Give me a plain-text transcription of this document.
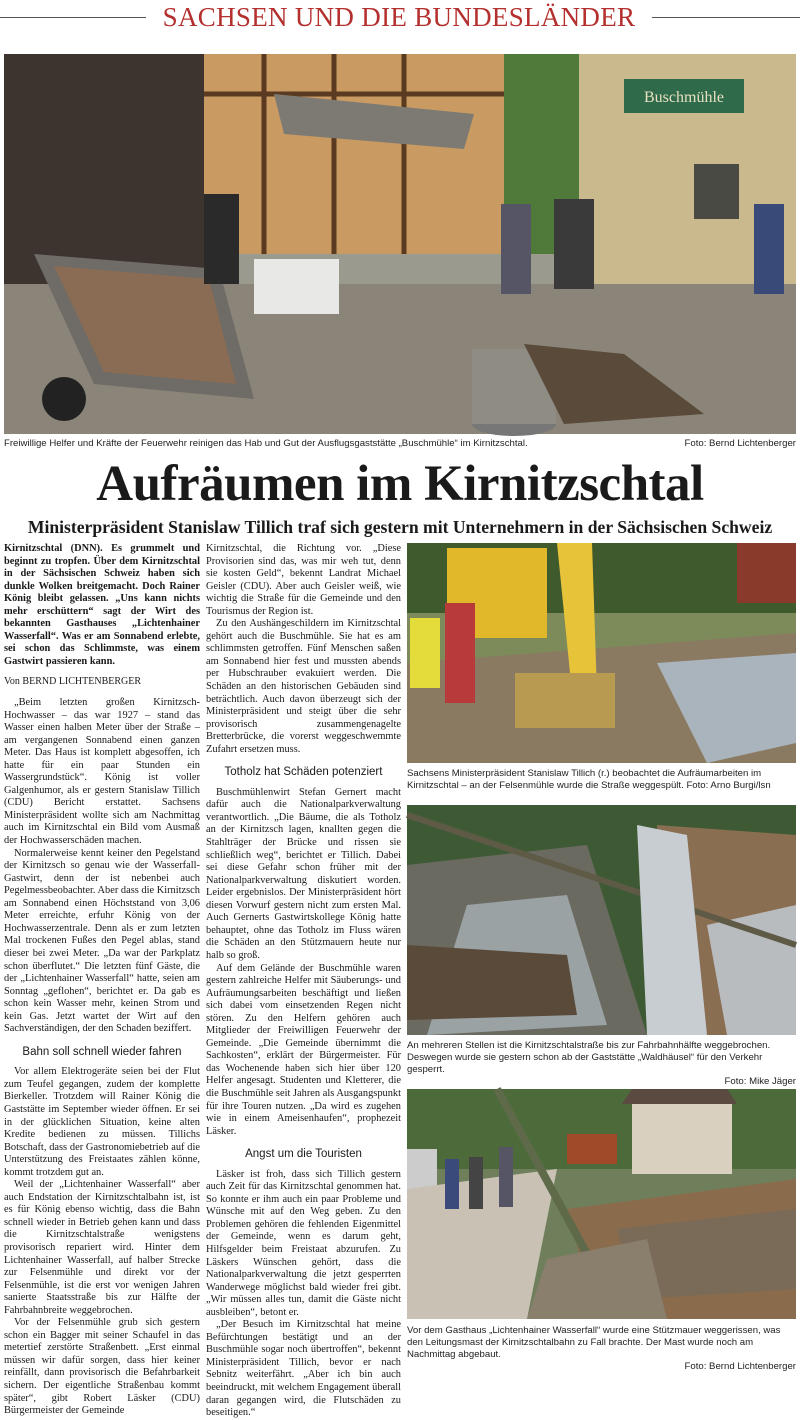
SACHSEN UND DIE BUNDESLÄNDER
Buschmühle
Freiwillige Helfer und Kräfte der Feuerwehr reinigen das Hab und Gut der Ausflugsgaststätte „Buschmühle“ im Kirnitzschtal.	Foto: Bernd Lichtenberger
Aufräumen im Kirnitzschtal
Ministerpräsident Stanislaw Tillich traf sich gestern mit Unternehmern in der Sächsischen Schweiz

Kirnitzschtal (DNN). Es grummelt und beginnt zu tropfen. Über dem Kirnitzschtal in der Sächsischen Schweiz haben sich dunkle Wolken breitgemacht. Doch Rainer König bleibt gelassen. „Uns kann nichts mehr erschüttern“ sagt der Wirt des bekannten Gasthauses „Lichtenhainer Wasserfall“. Was er am Sonnabend erlebte, sei schon das Schlimmste, was einem Gastwirt passieren kann.

Von BERND LICHTENBERGER

„Beim letzten großen Kirnitzsch-Hochwasser – das war 1927 – stand das Wasser einen halben Meter über der Straße – am vergangenen Sonnabend einen ganzen Meter. Das Haus ist komplett abgesoffen, ich hatte für ein paar Stunden ein Wassergrundstück“. König ist voller Galgenhumor, als er gestern Stanislaw Tillich (CDU) Bericht erstattet. Sachsens Ministerpräsident wollte sich am Nachmittag auch im Kirnitzschtal ein Bild vom Ausmaß der Hochwasserschäden machen.

Normalerweise kennt keiner den Pegelstand der Kirnitzsch so genau wie der Wasserfall-Gastwirt, denn der ist nebenbei auch Pegelmessbeobachter. Aber dass die Kirnitzsch am Sonnabend einen Höchststand von 3,06 Meter erreichte, erfuhr König von der Hochwasserzentrale. Denn als er zum letzten Mal trockenen Fußes den Pegel ablas, stand dieser bei zwei Meter. „Da war der Parkplatz schon überflutet.“ Die letzten fünf Gäste, die der „Lichtenhainer Wasserfall“ hatte, seien am Sonntag „geflohen“, berichtet er. Da gab es schon kein Wasser mehr, keinen Strom und kein Gas. Jetzt wartet der Wirt auf den Sachverständigen, der den Schaden beziffert.

Bahn soll schnell wieder fahren

Vor allem Elektrogeräte seien bei der Flut zum Teufel gegangen, zudem der komplette Bierkeller. Trotzdem will Rainer König die Gaststätte im September wieder öffnen. Er sei in der glücklichen Situation, keine alten Kredite bedienen zu müssen. Tillichs Botschaft, dass der Gastronomiebetrieb auf die Unterstützung des Freistaates zählen könne, kommt trotzdem gut an.

Weil der „Lichtenhainer Wasserfall“ aber auch Endstation der Kirnitzschtalbahn ist, ist es für König ebenso wichtig, dass die Bahn schnell wieder in Betrieb gehen kann und dass die Kirnitzschtalstraße wenigstens provisorisch repariert wird. Hinter dem Lichtenhainer Wasserfall, auf halber Strecke zur Felsenmühle und direkt vor der Felsenmühle, ist die erst vor wenigen Jahren sanierte Staatsstraße bis zur Hälfte der Fahrbahnbreite weggebrochen.

Vor der Felsenmühle grub sich gestern schon ein Bagger mit seiner Schaufel in das metertief zerstörte Straßenbett. „Erst einmal müssen wir dafür sorgen, dass hier keiner reinfällt, dann provisorisch die Befahrbarkeit sichern. Der eigentliche Straßenbau kommt später“, gibt Robert Läsker (CDU) Bürgermeister der Gemeinde

Kirnitzschtal, die Richtung vor. „Diese Provisorien sind das, was mir weh tut, denn sie kosten Geld“, bekennt Landrat Michael Geisler (CDU). Aber auch Geisler weiß, wie wichtig die Straße für die Gemeinde und den Tourismus der Region ist.

Zu den Aushängeschildern im Kirnitzschtal gehört auch die Buschmühle. Sie hat es am schlimmsten getroffen. Fünf Menschen saßen am Sonnabend hier fest und mussten abends per Hubschrauber evakuiert werden. Die Schäden an den historischen Gebäuden sind beträchtlich. Auch davon überzeugt sich der Ministerpräsident und steigt über die sehr provisorisch zusammengenagelte Bretterbrücke, die vorerst weggeschwemmte Zufahrt ersetzen muss.

Totholz hat Schäden potenziert

Buschmühlenwirt Stefan Gernert macht dafür auch die Nationalparkverwaltung verantwortlich. „Die Bäume, die als Totholz an der Kirnitzsch lagen, knallten gegen die Stahlträger der Brücke und rissen sie schließlich weg“, berichtet er Tillich. Dabei sei diese Gefahr schon früher mit der Nationalparkverwaltung diskutiert worden. Leider ergebnislos. Der Ministerpräsident hört diesen Vorwurf gestern nicht zum ersten Mal. Auch Gernerts Gastwirtskollege König hatte behauptet, ohne das Totholz im Fluss wären die Schäden an den Stützmauern heute nur halb so groß.

Auf dem Gelände der Buschmühle waren gestern zahlreiche Helfer mit Säuberungs- und Aufräumungsarbeiten beschäftigt und ließen sich dabei vom einsetzenden Regen nicht stören. Zu den Helfern gehören auch Mitglieder der Freiwilligen Feuerwehr der Gemeinde. „Die Gemeinde übernimmt die Sachkosten“, erklärt der Bürgermeister. Für das Wochenende haben sich hier über 120 Helfer angesagt. Studenten und Kletterer, die die Buschmühle seit Jahren als Ausgangspunkt für ihre Touren nutzen. „Da wird es zugehen wie in einem Ameisenhaufen“, prophezeit Läsker.

Angst um die Touristen

Läsker ist froh, dass sich Tillich gestern auch Zeit für das Kirnitzschtal genommen hat. So konnte er ihm auch ein paar Probleme und Wünsche mit auf den Weg geben. Zu den Problemen gehören die fehlenden Eigenmittel der Gemeinde, wenn es darum geht, Hilfsgelder beim Freistaat abzurufen. Zu Läskers Wünschen gehört, dass die Nationalparkverwaltung die jetzt gesperrten Wanderwege möglichst bald wieder frei gibt. „Wir müssen alles tun, damit die Gäste nicht ausbleiben“, betont er.

„Der Besuch im Kirnitzschtal hat meine Befürchtungen bestätigt und an der Buschmühle sogar noch übertroffen“, bekennt Ministerpräsident Tillich, bevor er nach Sebnitz weiterfährt. „Aber ich bin auch beeindruckt, mit welchem Engagement überall daran gegangen wird, die Flutschäden zu beseitigen.“

Sachsens Ministerpräsident Stanislaw Tillich (r.) beobachtet die Aufräumarbeiten im Kirnitzschtal – an der Felsenmühle wurde die Straße weggespült. Foto: Arno Burgi/lsn
An mehreren Stellen ist die Kirnitzschtalstraße bis zur Fahrbahnhälfte weggebrochen. Deswegen wurde sie gestern schon ab der Gaststätte „Waldhäusel“ für den Verkehr gesperrt.
Foto: Mike Jäger
Vor dem Gasthaus „Lichtenhainer Wasserfall“ wurde eine Stützmauer weggerissen, was den Leitungsmast der Kirnitzschtalbahn zu Fall brachte. Der Mast wurde noch am Nachmittag abgebaut.
Foto: Bernd Lichtenberger
